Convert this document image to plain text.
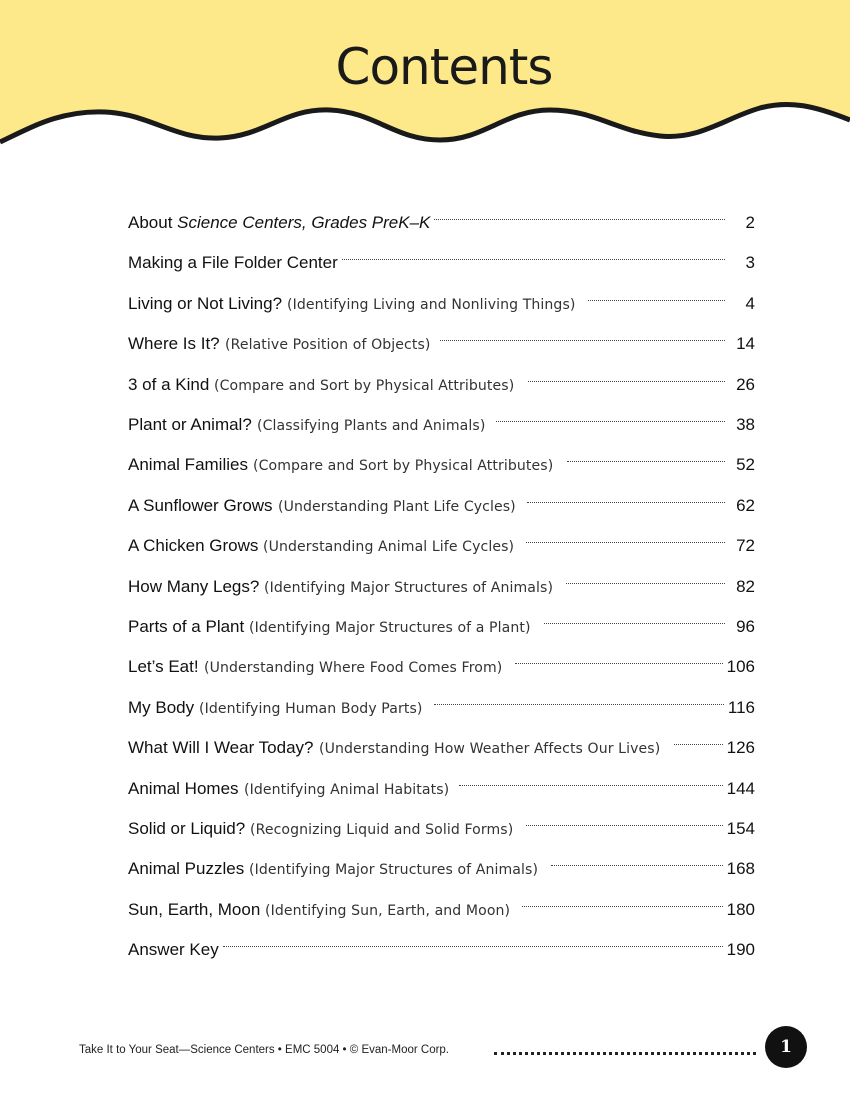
Contents
About Science Centers, Grades PreK–K	2
Making a File Folder Center	3
Living or Not Living? (Identifying Living and Nonliving Things)	4
Where Is It? (Relative Position of Objects)	14
3 of a Kind (Compare and Sort by Physical Attributes)	26
Plant or Animal? (Classifying Plants and Animals)	38
Animal Families (Compare and Sort by Physical Attributes)	52
A Sunflower Grows (Understanding Plant Life Cycles)	62
A Chicken Grows (Understanding Animal Life Cycles)	72
How Many Legs? (Identifying Major Structures of Animals)	82
Parts of a Plant (Identifying Major Structures of a Plant)	96
Let’s Eat! (Understanding Where Food Comes From)	106
My Body (Identifying Human Body Parts)	116
What Will I Wear Today? (Understanding How Weather Affects Our Lives)	126
Animal Homes (Identifying Animal Habitats)	144
Solid or Liquid? (Recognizing Liquid and Solid Forms)	154
Animal Puzzles (Identifying Major Structures of Animals)	168
Sun, Earth, Moon (Identifying Sun, Earth, and Moon)	180
Answer Key	190
Take It to Your Seat—Science Centers • EMC 5004 • © Evan-Moor Corp.	1
